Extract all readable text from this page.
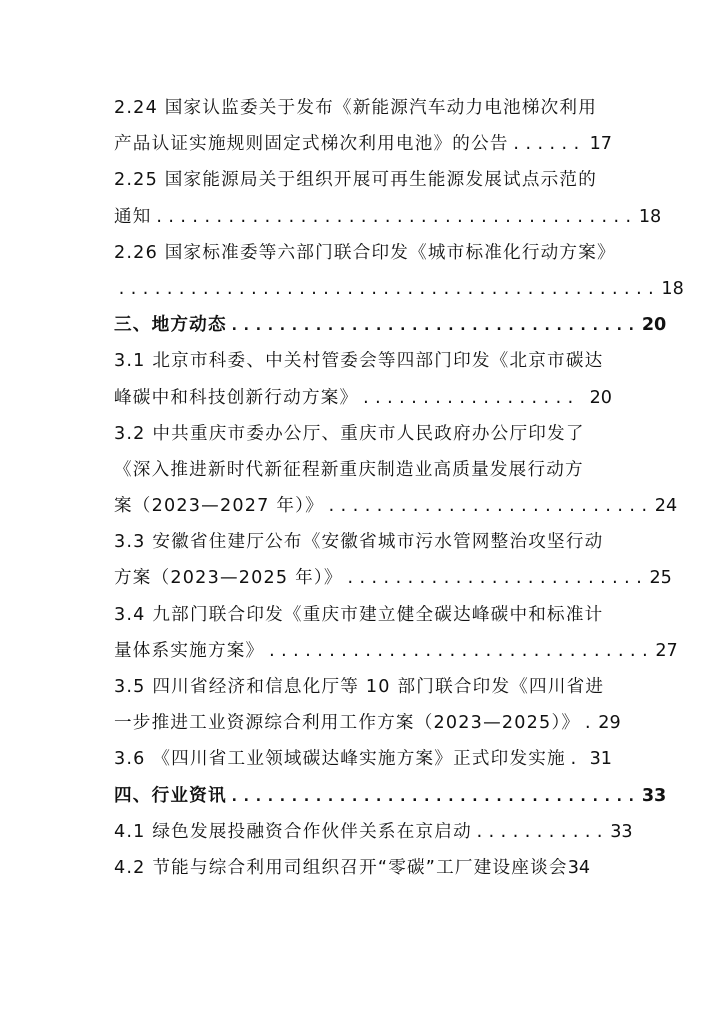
2.24 国家认监委关于发布《新能源汽车动力电池梯次利用
产品认证实施规则固定式梯次利用电池》的公告 ...... 17
2.25 国家能源局关于组织开展可再生能源发展试点示范的
通知 ........................................ 18
2.26 国家标准委等六部门联合印发《城市标准化行动方案》
............................................. 18
三、地方动态 .................................. 20
3.1 北京市科委、中关村管委会等四部门印发《北京市碳达
峰碳中和科技创新行动方案》 .................. 20
3.2 中共重庆市委办公厅、重庆市人民政府办公厅印发了
《深入推进新时代新征程新重庆制造业高质量发展行动方
案（2023—2027 年）》 ........................... 24
3.3 安徽省住建厅公布《安徽省城市污水管网整治攻坚行动
方案（2023—2025 年）》 ......................... 25
3.4 九部门联合印发《重庆市建立健全碳达峰碳中和标准计
量体系实施方案》 ................................ 27
3.5 四川省经济和信息化厅等 10 部门联合印发《四川省进
一步推进工业资源综合利用工作方案（2023—2025）》 . 29
3.6 《四川省工业领域碳达峰实施方案》正式印发实施 . 31
四、行业资讯 .................................. 33
4.1 绿色发展投融资合作伙伴关系在京启动 ........... 33
4.2 节能与综合利用司组织召开“零碳”工厂建设座谈会 34
